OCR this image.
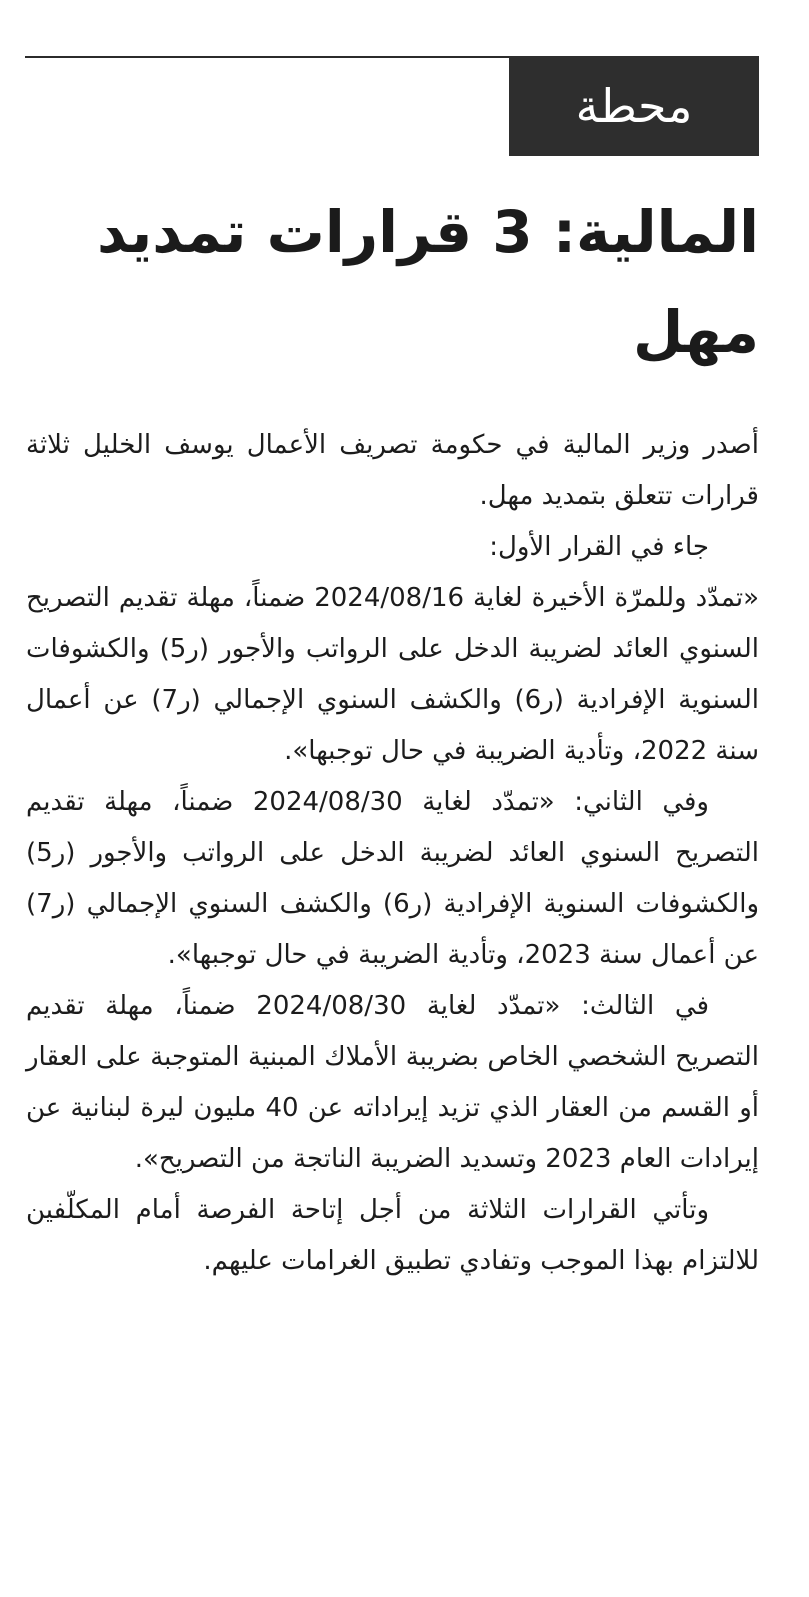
محطة
المالية: 3 قرارات تمديد مهل

أصدر وزير المالية في حكومة تصريف الأعمال يوسف الخليل ثلاثة قرارات تتعلق بتمديد مهل.

جاء في القرار الأول:

«تمدّد وللمرّة الأخيرة لغاية 2024/08/16 ضمناً، مهلة تقديم التصريح السنوي العائد لضريبة الدخل على الرواتب والأجور (ر5) والكشوفات السنوية الإفرادية (ر6) والكشف السنوي الإجمالي (ر7) عن أعمال سنة 2022، وتأدية الضريبة في حال توجبها».

وفي الثاني: «تمدّد لغاية 2024/08/30 ضمناً، مهلة تقديم التصريح السنوي العائد لضريبة الدخل على الرواتب والأجور (ر5) والكشوفات السنوية الإفرادية (ر6) والكشف السنوي الإجمالي (ر7) عن أعمال سنة 2023، وتأدية الضريبة في حال توجبها».

في الثالث: «تمدّد لغاية 2024/08/30 ضمناً، مهلة تقديم التصريح الشخصي الخاص بضريبة الأملاك المبنية المتوجبة على العقار أو القسم من العقار الذي تزيد إيراداته عن 40 مليون ليرة لبنانية عن إيرادات العام 2023 وتسديد الضريبة الناتجة من التصريح».

وتأتي القرارات الثلاثة من أجل إتاحة الفرصة أمام المكلّفين للالتزام بهذا الموجب وتفادي تطبيق الغرامات عليهم.
